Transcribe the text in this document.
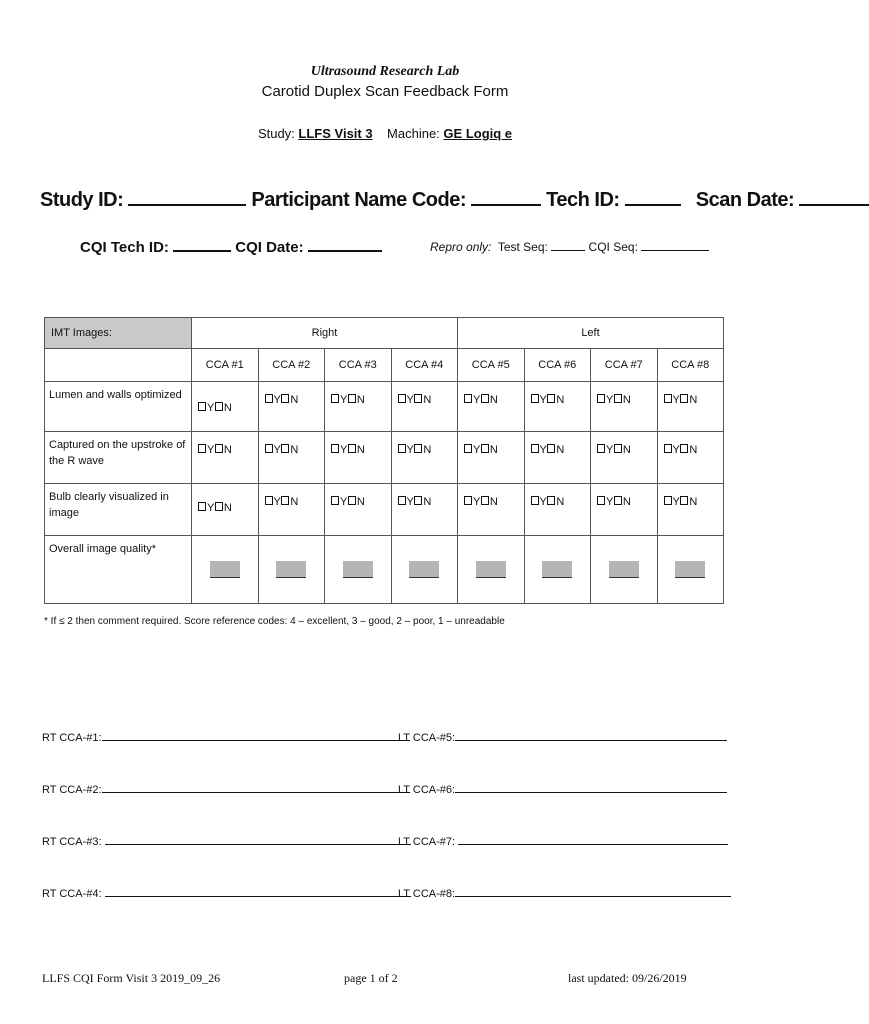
Ultrasound Research Lab
Carotid Duplex Scan Feedback Form
Study: LLFS Visit 3 Machine: GE Logiq e
Study ID:	Participant Name Code:	Tech ID:	Scan Date:
CQI Tech ID:	CQI Date:	Repro only: Test Seq:	CQI Seq:
IMT Images:	Right				Left			
	CCA #1	CCA #2	CCA #3	CCA #4	CCA #5	CCA #6	CCA #7	CCA #8
Lumen and walls optimized	Y N	Y N	Y N	Y N	Y N	Y N	Y N	Y N
Captured on the upstroke of the R wave	Y N	Y N	Y N	Y N	Y N	Y N	Y N	Y N
Bulb clearly visualized in image	Y N	Y N	Y N	Y N	Y N	Y N	Y N	Y N
Overall image quality*	

* If ≤ 2 then comment required. Score reference codes: 4 – excellent, 3 – good, 2 – poor, 1 – unreadable
RT CCA-#1:	LT CCA-#5:
RT CCA-#2:	LT CCA-#6:
RT CCA-#3:	LT CCA-#7:
RT CCA-#4:	LT CCA-#8:
LLFS CQI Form Visit 3 2019_09_26	page 1 of 2	last updated: 09/26/2019
